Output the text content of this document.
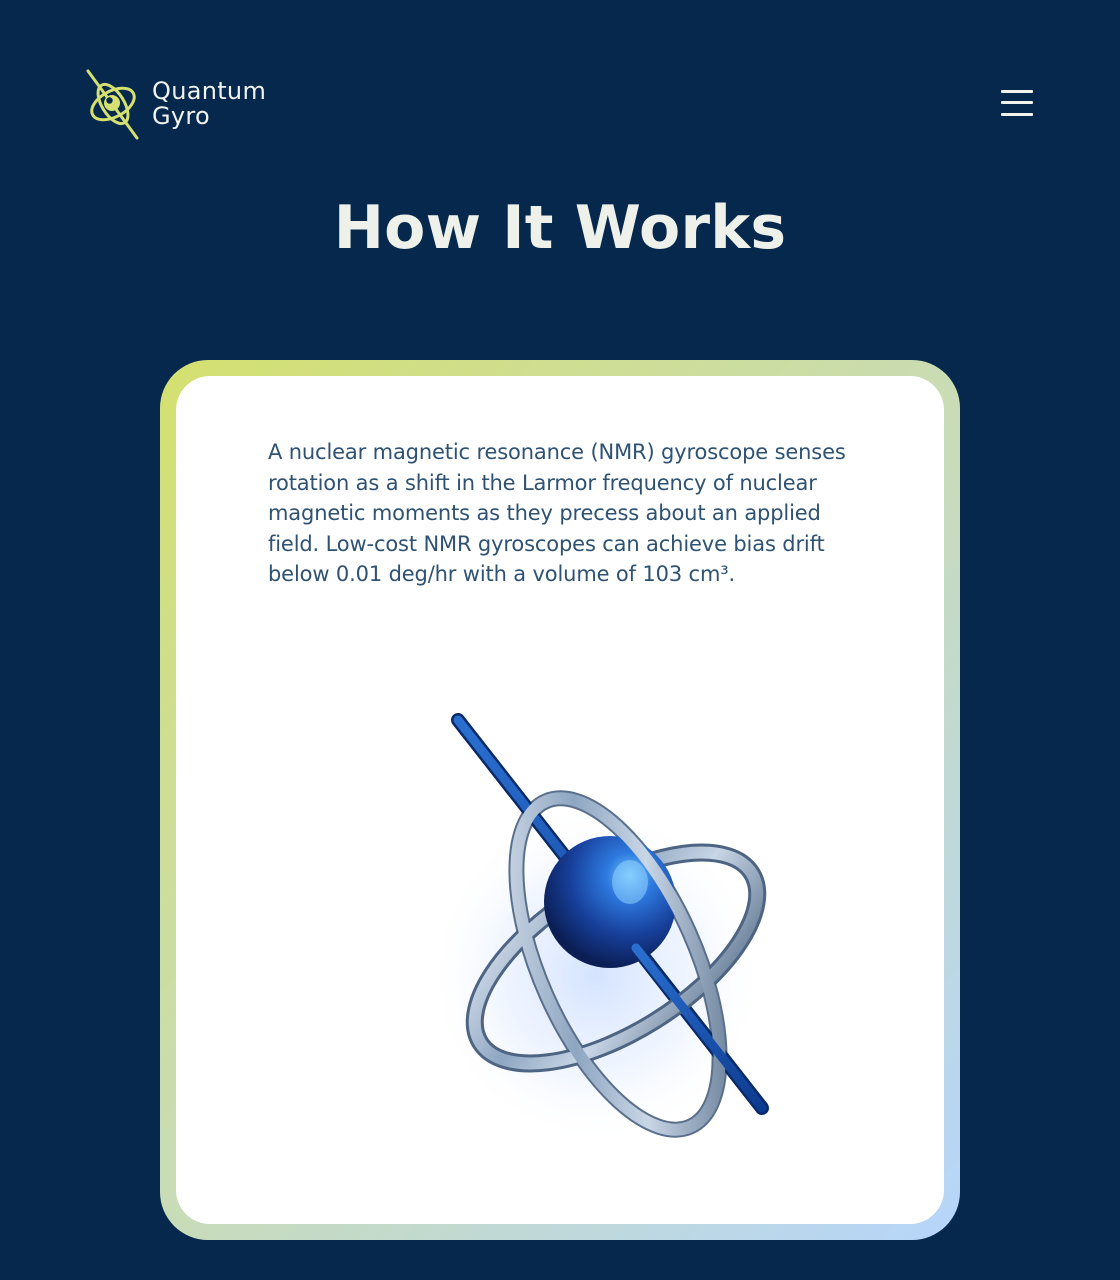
Quantum
Gyro
How It Works

A nuclear magnetic resonance (NMR) gyroscope senses rotation as a shift in the Larmor frequency of nuclear magnetic moments as they precess about an applied field. Low-cost NMR gyroscopes can achieve bias drift below 0.01 deg/hr with a volume of 103 cm³.
